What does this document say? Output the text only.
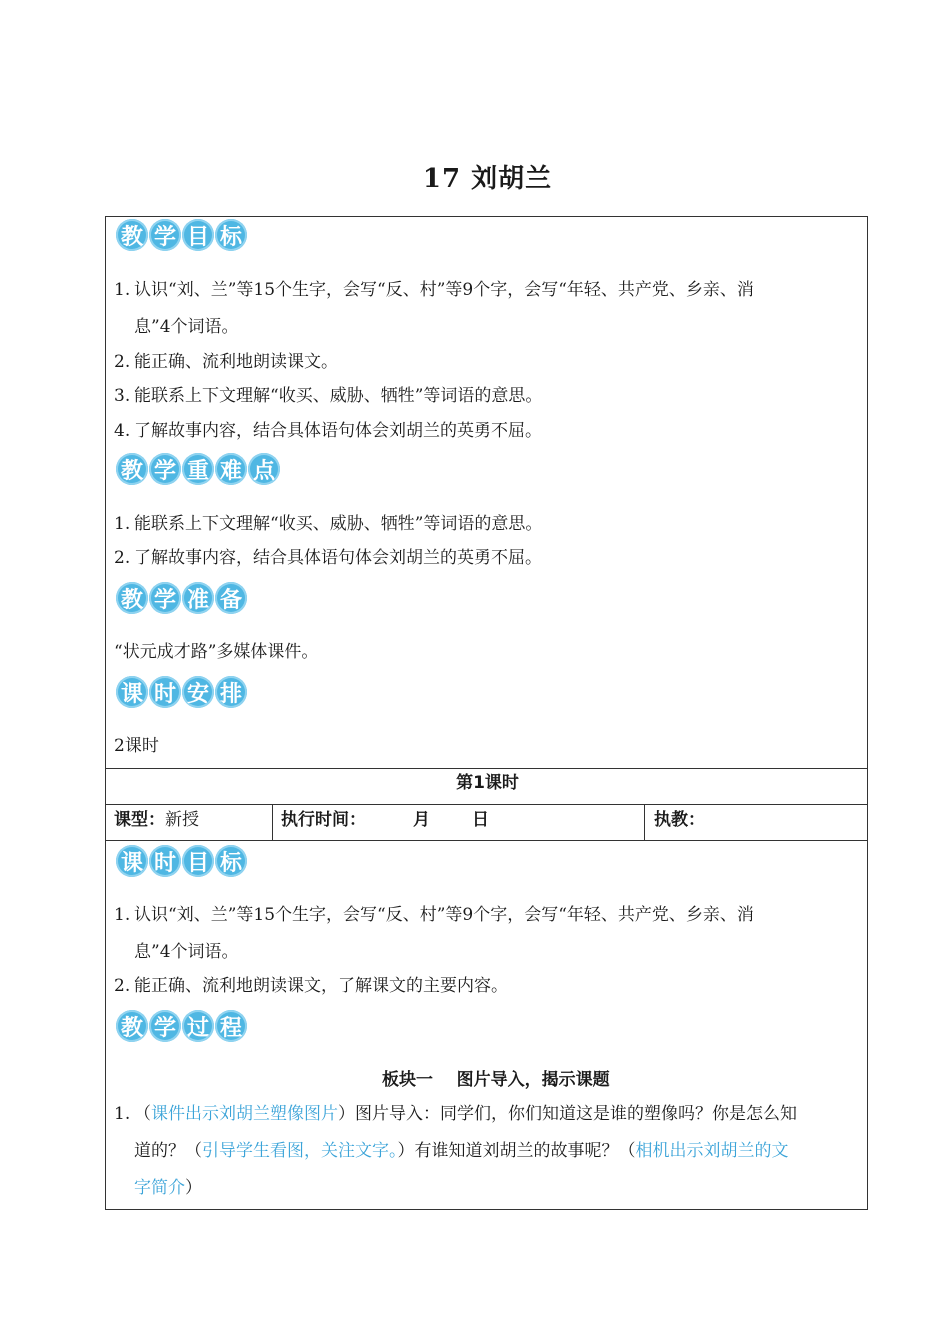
17 刘胡兰
教 学 目 标
1. 认识“刘、兰”等15个生字，会写“反、村”等9个字，会写“年轻、共产党、乡亲、消
息”4个词语。
2. 能正确、流利地朗读课文。
3. 能联系上下文理解“收买、威胁、牺牲”等词语的意思。
4. 了解故事内容，结合具体语句体会刘胡兰的英勇不屈。
教 学 重 难 点
1. 能联系上下文理解“收买、威胁、牺牲”等词语的意思。
2. 了解故事内容，结合具体语句体会刘胡兰的英勇不屈。
教 学 准 备
“状元成才路”多媒体课件。
课 时 安 排
2课时
第1课时
课型：新授	执行时间：	月 日	执教：
课 时 目 标
1. 认识“刘、兰”等15个生字，会写“反、村”等9个字，会写“年轻、共产党、乡亲、消
息”4个词语。
2. 能正确、流利地朗读课文，了解课文的主要内容。
教 学 过 程
板块一    图片导入，揭示课题
1. （课件出示刘胡兰塑像图片）图片导入：同学们，你们知道这是谁的塑像吗？你是怎么知
道的？（引导学生看图，关注文字。）有谁知道刘胡兰的故事呢？（相机出示刘胡兰的文
字简介）
